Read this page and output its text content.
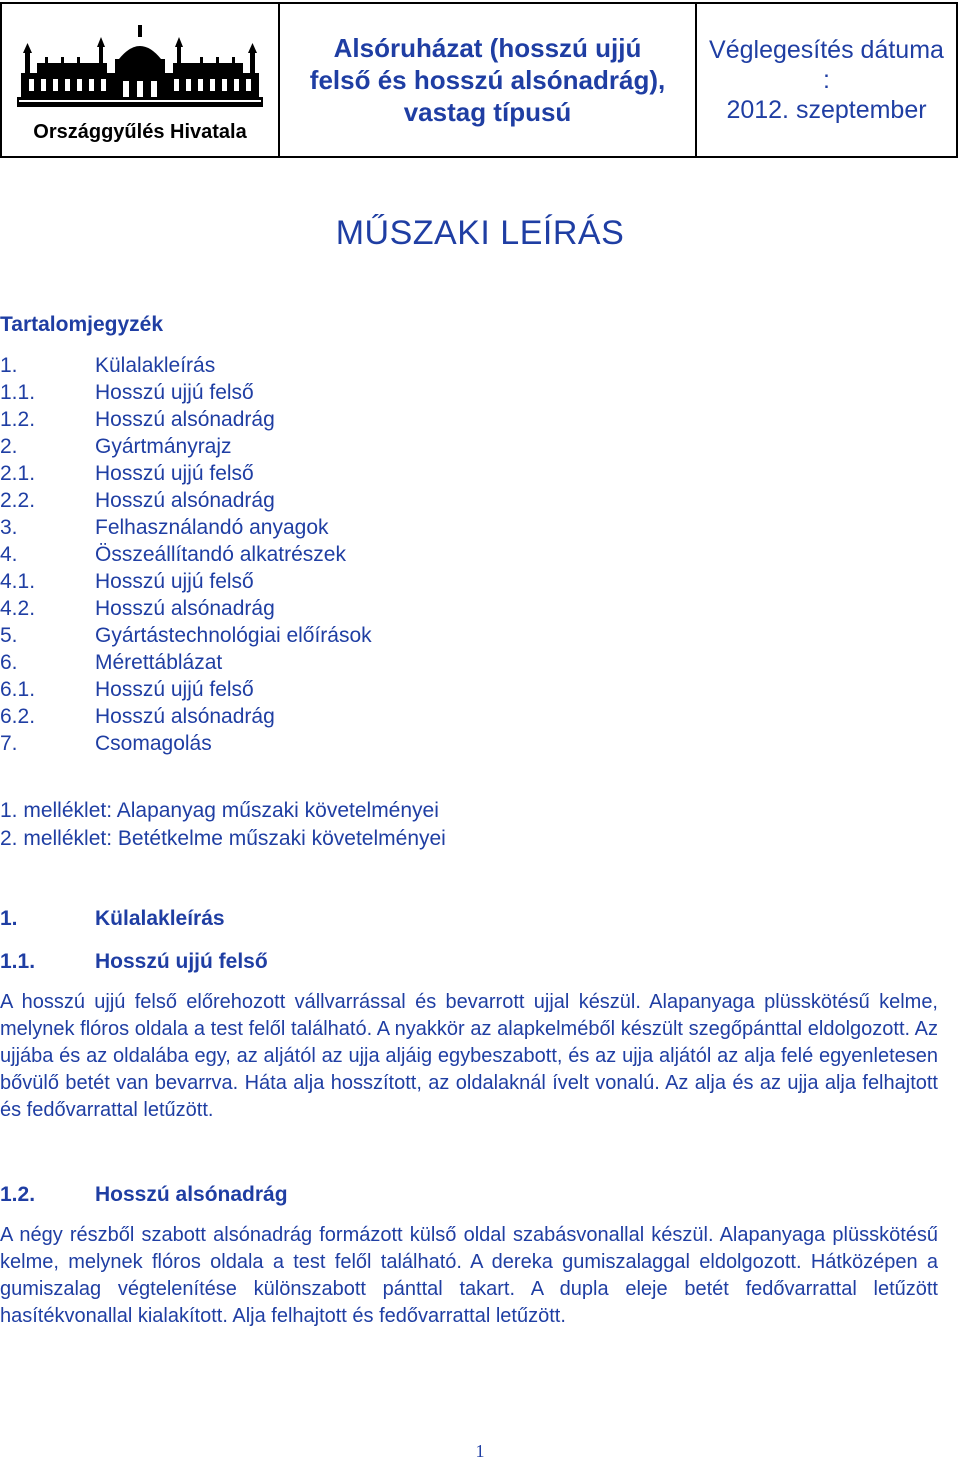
Országgyűlés Hivatala

Alsóruházat (hosszú ujjú
felső és hosszú alsónadrág),
vastag típusú

Véglegesítés dátuma
:
2012. szeptember
MŰSZAKI LEÍRÁS
Tartalomjegyzék
1.	Külalakleírás
1.1.	Hosszú ujjú felső
1.2.	Hosszú alsónadrág
2.	Gyártmányrajz
2.1.	Hosszú ujjú felső
2.2.	Hosszú alsónadrág
3.	Felhasználandó anyagok
4.	Összeállítandó alkatrészek
4.1.	Hosszú ujjú felső
4.2.	Hosszú alsónadrág
5.	Gyártástechnológiai előírások
6.	Mérettáblázat
6.1.	Hosszú ujjú felső
6.2.	Hosszú alsónadrág
7.	Csomagolás
1. melléklet: Alapanyag műszaki követelményei
2. melléklet: Betétkelme műszaki követelményei
1.	Külalakleírás
1.1.	Hosszú ujjú felső

A hosszú ujjú felső előrehozott vállvarrással és bevarrott ujjal készül. Alapanyaga plüsskötésű kelme, melynek flóros oldala a test felől található. A nyakkör az alapkelméből készült szegőpánttal eldolgozott. Az ujjába és az oldalába egy, az aljától az ujja aljáig egybeszabott, és az ujja aljától az alja felé egyenletesen bővülő betét van bevarrva. Háta alja hosszított, az oldalaknál ívelt vonalú. Az alja és az ujja alja felhajtott és fedővarrattal letűzött.

1.2.	Hosszú alsónadrág

A négy részből szabott alsónadrág formázott külső oldal szabásvonallal készül. Alapanyaga plüsskötésű kelme, melynek flóros oldala a test felől található. A dereka gumiszalaggal eldolgozott. Hátközépen a gumiszalag végtelenítése különszabott pánttal takart. A dupla eleje betét fedővarrattal letűzött hasítékvonallal kialakított. Alja felhajtott és fedővarrattal letűzött.

1
